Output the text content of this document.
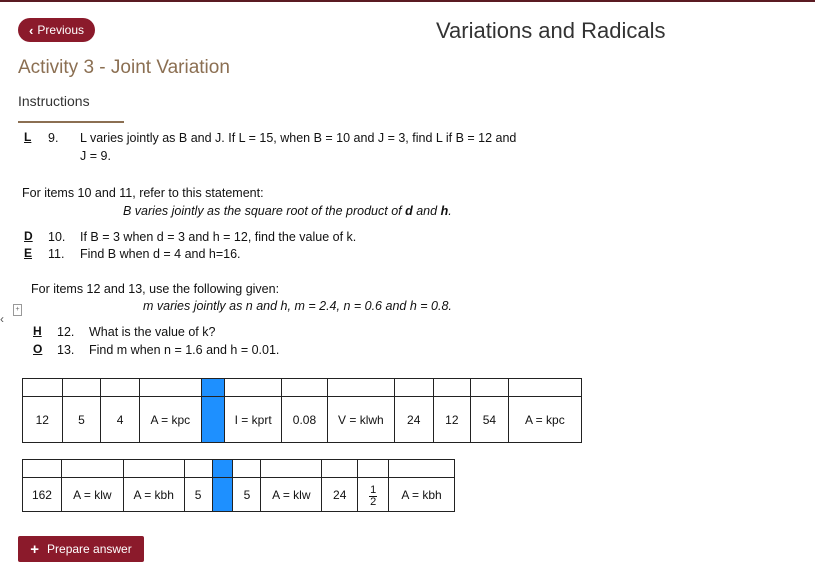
‹ Previous	Variations and Radicals
Activity 3 - Joint Variation
Instructions
‹
+
L 9. L varies jointly as B and J. If L = 15, when B = 10 and J = 3, find L if B = 12 and
J = 9.
For items 10 and 11, refer to this statement:
B varies jointly as the square root of the product of d and h.
D 10. If B = 3 when d = 3 and h = 12, find the value of k.
E 11. Find B when d = 4 and h=16.
For items 12 and 13, use the following given:
m varies jointly as n and h, m = 2.4, n = 0.6 and h = 0.8.
H 12. What is the value of k?
O 13. Find m when n = 1.6 and h = 0.01.

12	5	4	A = kpc		I = kprt	0.08	V = klwh	24	12	54	A = kpc

162	A = klw	A = kbh	5		5	A = klw	24	$\frac{1}{2}$	A = kbh
+ Prepare answer
